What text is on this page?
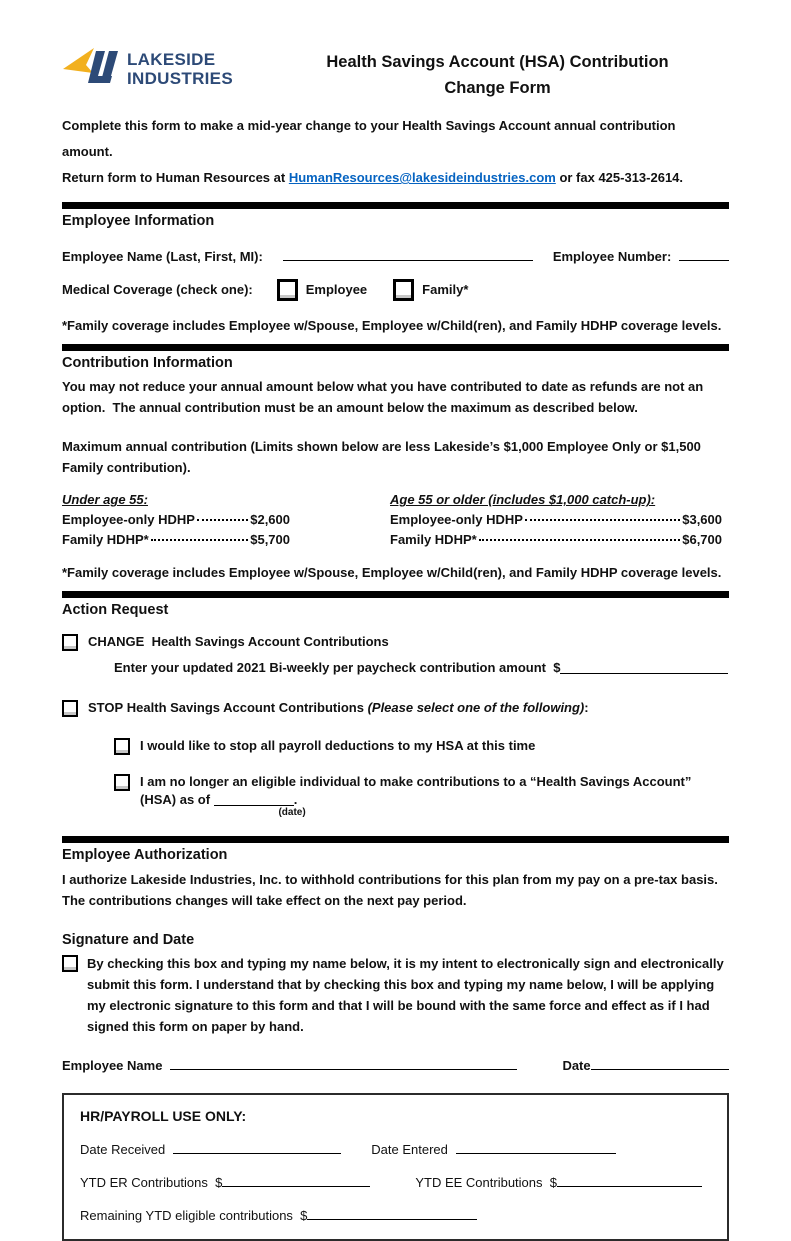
LAKESIDE
INDUSTRIES
Health Savings Account (HSA) Contribution
Change Form
Complete this form to make a mid-year change to your Health Savings Account annual contribution amount.
Return form to Human Resources at HumanResources@lakesideindustries.com or fax 425-313-2614.
Employee Information
Employee Name (Last, First, MI):	Employee Number:
Medical Coverage (check one):	Employee	Family*
*Family coverage includes Employee w/Spouse, Employee w/Child(ren), and Family HDHP coverage levels.
Contribution Information
You may not reduce your annual amount below what you have contributed to date as refunds are not an option.  The annual contribution must be an amount below the maximum as described below.
Maximum annual contribution (Limits shown below are less Lakeside’s $1,000 Employee Only or $1,500 Family contribution).
Under age 55:
Employee-only HDHP	$2,600
Family HDHP*	$5,700
Age 55 or older (includes $1,000 catch-up):
Employee-only HDHP	$3,600
Family HDHP*	$6,700
*Family coverage includes Employee w/Spouse, Employee w/Child(ren), and Family HDHP coverage levels.
Action Request
CHANGE  Health Savings Account Contributions
Enter your updated 2021 Bi-weekly per paycheck contribution amount  $
STOP Health Savings Account Contributions (Please select one of the following):
I would like to stop all payroll deductions to my HSA at this time
I am no longer an eligible individual to make contributions to a “Health Savings Account” (HSA) as of
(date)
.
Employee Authorization
I authorize Lakeside Industries, Inc. to withhold contributions for this plan from my pay on a pre-tax basis.  The contributions changes will take effect on the next pay period.
Signature and Date
By checking this box and typing my name below, it is my intent to electronically sign and electronically submit this form. I understand that by checking this box and typing my name below, I will be applying my electronic signature to this form and that I will be bound with the same force and effect as if I had signed this form on paper by hand.
Employee Name	Date
HR/PAYROLL USE ONLY:
Date Received	Date Entered
YTD ER Contributions  $	YTD EE Contributions  $
Remaining YTD eligible contributions  $
